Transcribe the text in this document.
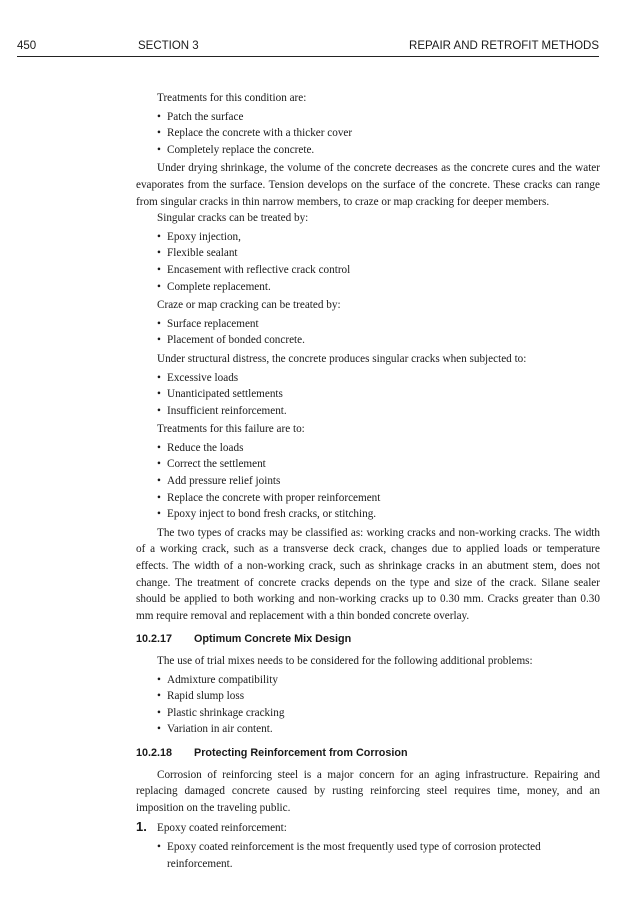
450	SECTION 3	REPAIR AND RETROFIT METHODS

Treatments for this condition are:

• Patch the surface
• Replace the concrete with a thicker cover
• Completely replace the concrete.

Under drying shrinkage, the volume of the concrete decreases as the concrete cures and the water evaporates from the surface. Tension develops on the surface of the concrete. These cracks can range from singular cracks in thin narrow members, to craze or map cracking for deeper members.

Singular cracks can be treated by:

• Epoxy injection,
• Flexible sealant
• Encasement with reflective crack control
• Complete replacement.

Craze or map cracking can be treated by:

• Surface replacement
• Placement of bonded concrete.

Under structural distress, the concrete produces singular cracks when subjected to:

• Excessive loads
• Unanticipated settlements
• Insufficient reinforcement.

Treatments for this failure are to:

• Reduce the loads
• Correct the settlement
• Add pressure relief joints
• Replace the concrete with proper reinforcement
• Epoxy inject to bond fresh cracks, or stitching.

The two types of cracks may be classified as: working cracks and non-working cracks. The width of a working crack, such as a transverse deck crack, changes due to applied loads or temperature effects. The width of a non-working crack, such as shrinkage cracks in an abutment stem, does not change. The treatment of concrete cracks depends on the type and size of the crack. Silane sealer should be applied to both working and non-working cracks up to 0.30 mm. Cracks greater than 0.30 mm require removal and replacement with a thin bonded concrete overlay.

10.2.17 Optimum Concrete Mix Design

The use of trial mixes needs to be considered for the following additional problems:

• Admixture compatibility
• Rapid slump loss
• Plastic shrinkage cracking
• Variation in air content.
10.2.18 Protecting Reinforcement from Corrosion

Corrosion of reinforcing steel is a major concern for an aging infrastructure. Repairing and replacing damaged concrete caused by rusting reinforcing steel requires time, money, and an imposition on the traveling public.

1. Epoxy coated reinforcement:
• Epoxy coated reinforcement is the most frequently used type of corrosion protected reinforcement.
